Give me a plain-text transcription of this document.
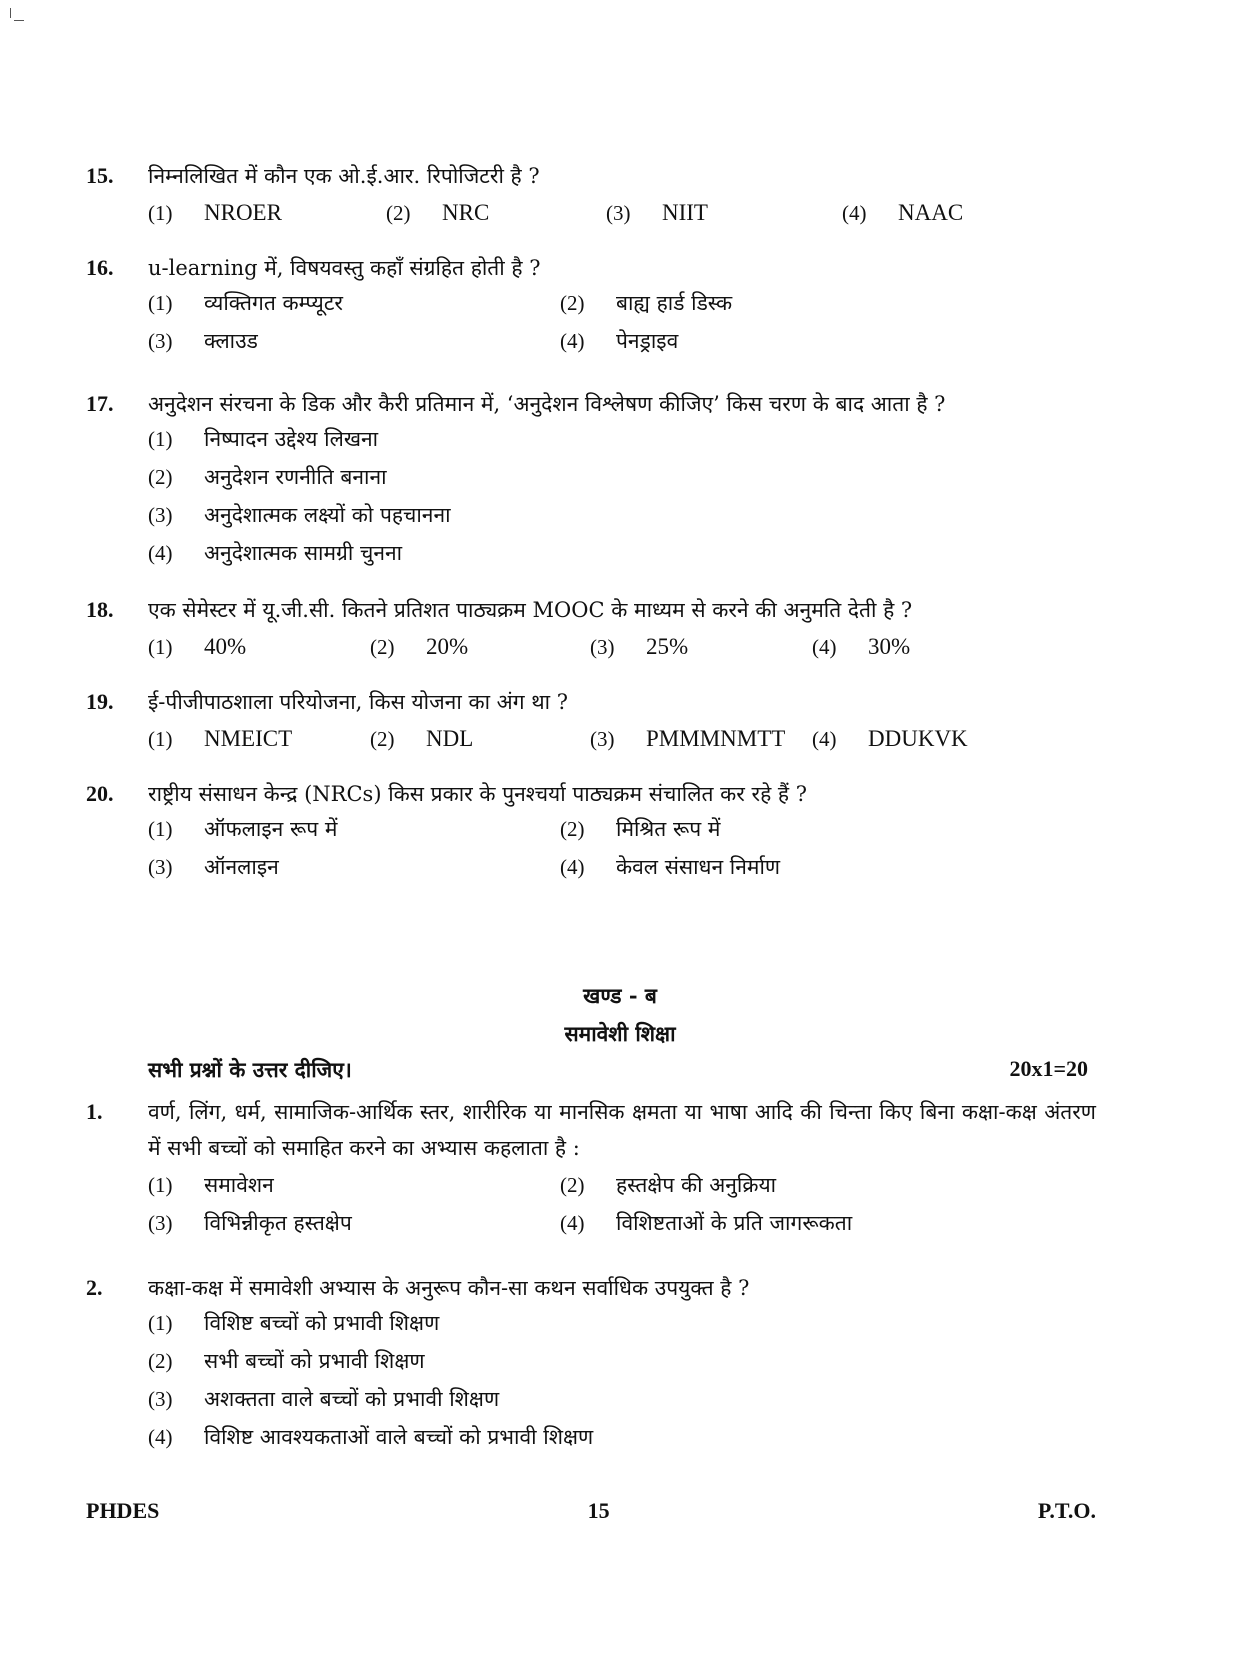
15.	निम्नलिखित में कौन एक ओ.ई.आर. रिपोजिटरी है ?
(1)	NROER	(2)	NRC	(3)	NIIT	(4)	NAAC
16.	u-learning में, विषयवस्तु कहाँ संग्रहित होती है ?
(1)	व्यक्तिगत कम्प्यूटर	(2)	बाह्य हार्ड डिस्क
(3)	क्लाउड	(4)	पेनड्राइव
17.	अनुदेशन संरचना के डिक और कैरी प्रतिमान में, ‘अनुदेशन विश्लेषण कीजिए’ किस चरण के बाद आता है ?
(1)	निष्पादन उद्देश्य लिखना
(2)	अनुदेशन रणनीति बनाना
(3)	अनुदेशात्मक लक्ष्यों को पहचानना
(4)	अनुदेशात्मक सामग्री चुनना
18.	एक सेमेस्टर में यू.जी.सी. कितने प्रतिशत पाठ्यक्रम MOOC के माध्यम से करने की अनुमति देती है ?
(1)	40%	(2)	20%	(3)	25%	(4)	30%
19.	ई-पीजीपाठशाला परियोजना, किस योजना का अंग था ?
(1)	NMEICT	(2)	NDL	(3)	PMMMNMTT (4)	DDUKVK
20.	राष्ट्रीय संसाधन केन्द्र (NRCs) किस प्रकार के पुनश्चर्या पाठ्यक्रम संचालित कर रहे हैं ?
(1)	ऑफलाइन रूप में	(2)	मिश्रित रूप में
(3)	ऑनलाइन	(4)	केवल संसाधन निर्माण
खण्ड - ब
समावेशी शिक्षा
सभी प्रश्नों के उत्तर दीजिए।	20x1=20
1.	वर्ण, लिंग, धर्म, सामाजिक-आर्थिक स्तर, शारीरिक या मानसिक क्षमता या भाषा आदि की चिन्ता किए बिना कक्षा-कक्ष अंतरण में सभी बच्चों को समाहित करने का अभ्यास कहलाता है :
(1)	समावेशन	(2)	हस्तक्षेप की अनुक्रिया
(3)	विभिन्नीकृत हस्तक्षेप	(4)	विशिष्टताओं के प्रति जागरूकता
2.	कक्षा-कक्ष में समावेशी अभ्यास के अनुरूप कौन-सा कथन सर्वाधिक उपयुक्त है ?
(1)	विशिष्ट बच्चों को प्रभावी शिक्षण
(2)	सभी बच्चों को प्रभावी शिक्षण
(3)	अशक्तता वाले बच्चों को प्रभावी शिक्षण
(4)	विशिष्ट आवश्यकताओं वाले बच्चों को प्रभावी शिक्षण
PHDES	15	P.T.O.
